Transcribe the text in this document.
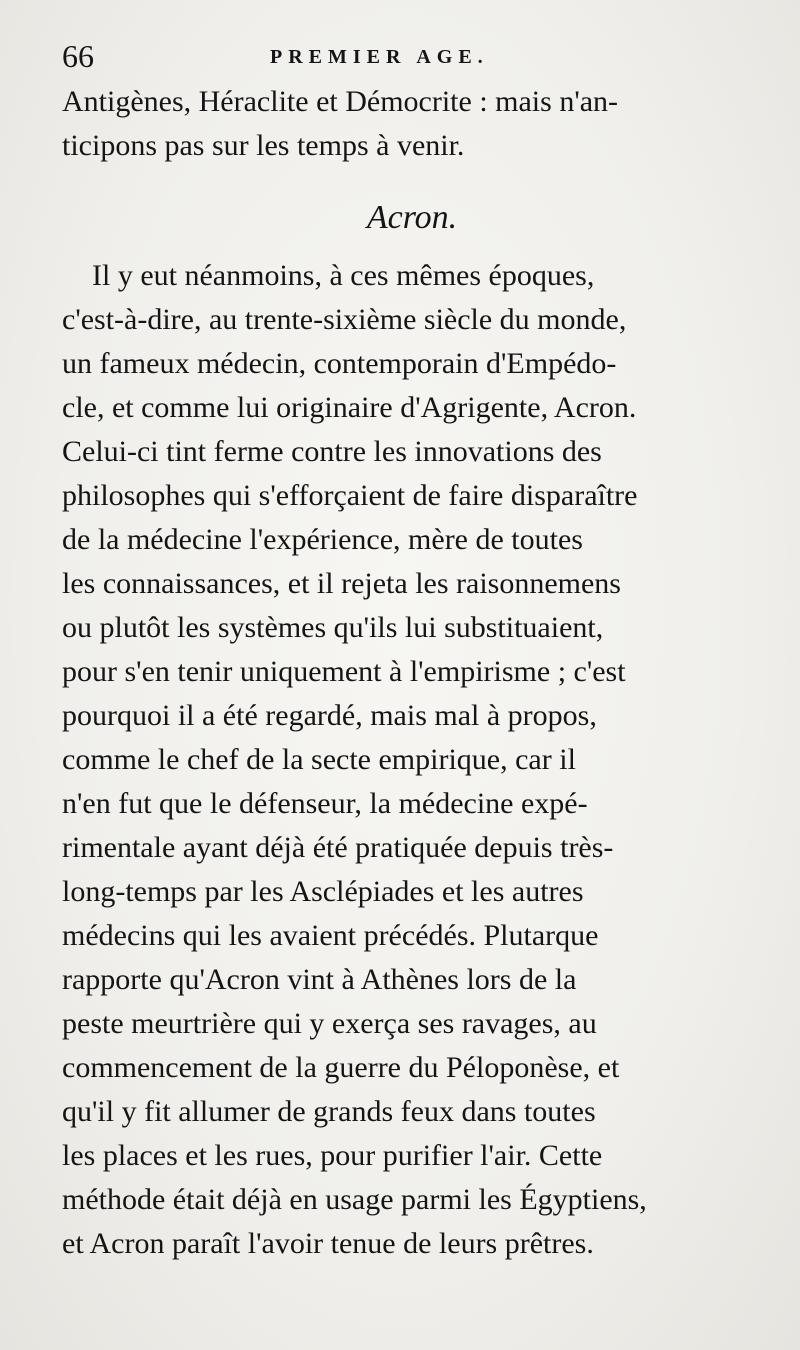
66	PREMIER AGE.
Antigènes, Héraclite et Démocrite : mais n'an-
ticipons pas sur les temps à venir.
Acron.
Il y eut néanmoins, à ces mêmes époques,
c'est-à-dire, au trente-sixième siècle du monde,
un fameux médecin, contemporain d'Empédo-
cle, et comme lui originaire d'Agrigente, Acron.
Celui-ci tint ferme contre les innovations des
philosophes qui s'efforçaient de faire disparaître
de la médecine l'expérience, mère de toutes
les connaissances, et il rejeta les raisonnemens
ou plutôt les systèmes qu'ils lui substituaient,
pour s'en tenir uniquement à l'empirisme ; c'est
pourquoi il a été regardé, mais mal à propos,
comme le chef de la secte empirique, car il
n'en fut que le défenseur, la médecine expé-
rimentale ayant déjà été pratiquée depuis très-
long-temps par les Asclépiades et les autres
médecins qui les avaient précédés. Plutarque
rapporte qu'Acron vint à Athènes lors de la
peste meurtrière qui y exerça ses ravages, au
commencement de la guerre du Péloponèse, et
qu'il y fit allumer de grands feux dans toutes
les places et les rues, pour purifier l'air. Cette
méthode était déjà en usage parmi les Égyptiens,
et Acron paraît l'avoir tenue de leurs prêtres.
